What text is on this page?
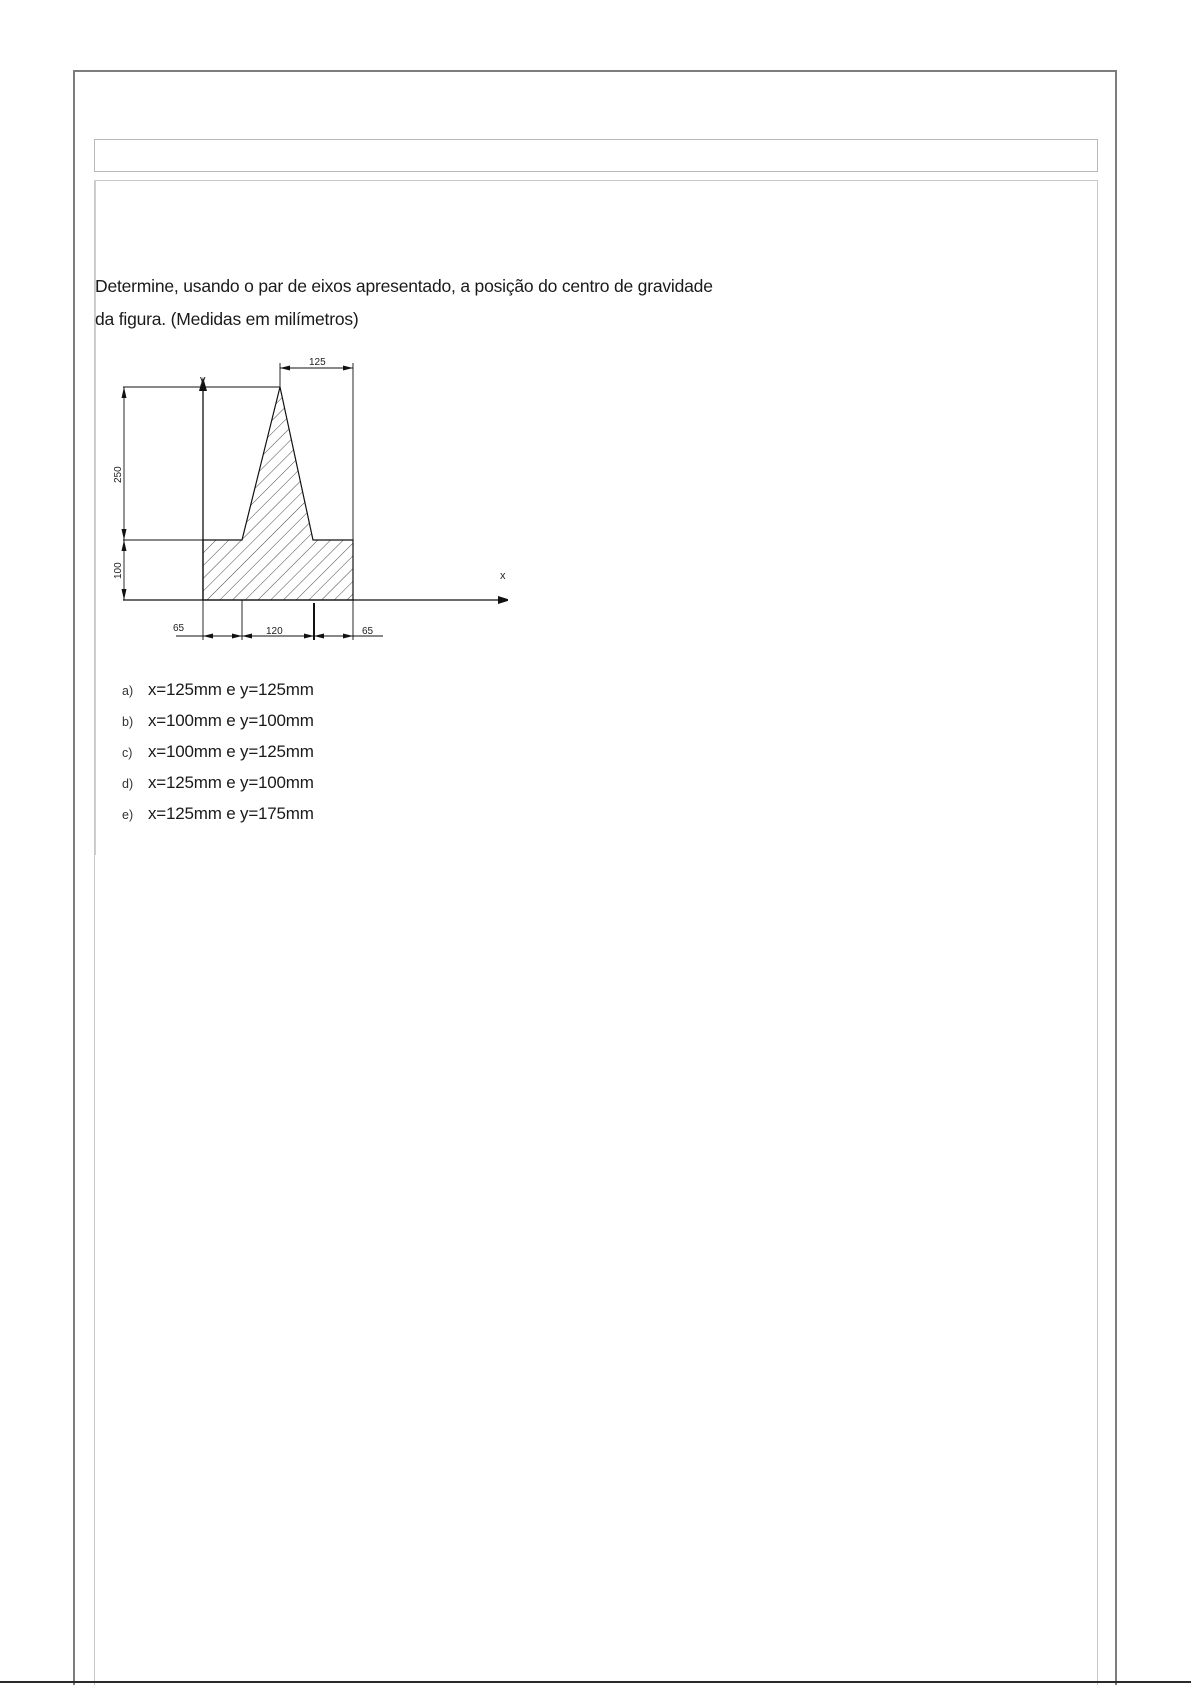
Determine, usando o par de eixos apresentado, a posição do centro de gravidade
da figura. (Medidas em milímetros)
x
y
125
250
100
65	120	65
a) x=125mm e y=125mm
b) x=100mm e y=100mm
c) x=100mm e y=125mm
d) x=125mm e y=100mm
e) x=125mm e y=175mm
